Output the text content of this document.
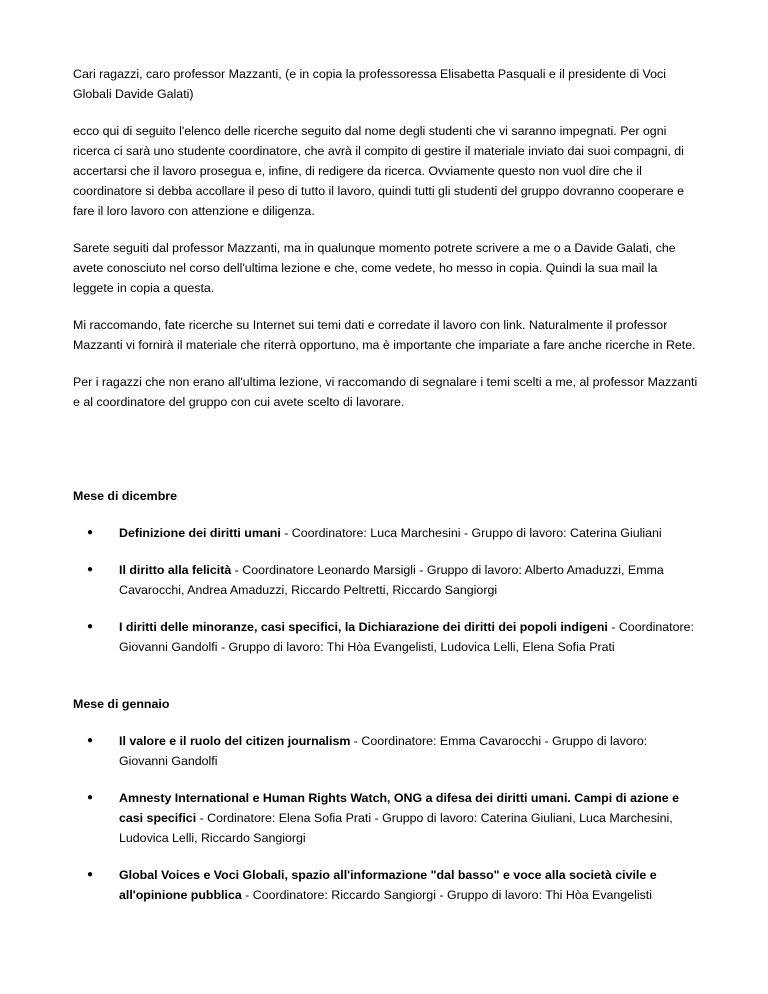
Cari ragazzi, caro professor Mazzanti, (e in copia la professoressa Elisabetta Pasquali e il presidente di Voci Globali Davide Galati)

ecco qui di seguito l'elenco delle ricerche seguito dal nome degli studenti che vi saranno impegnati. Per ogni ricerca ci sarà uno studente coordinatore, che avrà il compito di gestire il materiale inviato dai suoi compagni, di accertarsi che il lavoro prosegua e, infine, di redigere da ricerca. Ovviamente questo non vuol dire che il coordinatore si debba accollare il peso di tutto il lavoro, quindi tutti gli studenti del gruppo dovranno cooperare e fare il loro lavoro con attenzione e diligenza.

Sarete seguiti dal professor Mazzanti, ma in qualunque momento potrete scrivere a me o a Davide Galati, che avete conosciuto nel corso dell'ultima lezione e che, come vedete, ho messo in copia. Quindi la sua mail la leggete in copia a questa.

Mi raccomando, fate ricerche su Internet sui temi dati e corredate il lavoro con link. Naturalmente il professor Mazzanti vi fornirà il materiale che riterrà opportuno, ma è importante che impariate a fare anche ricerche in Rete.

Per i ragazzi che non erano all'ultima lezione, vi raccomando di segnalare i temi scelti a me, al professor Mazzanti e al coordinatore del gruppo con cui avete scelto di lavorare.

Mese di dicembre

● Definizione dei diritti umani - Coordinatore: Luca Marchesini - Gruppo di lavoro: Caterina Giuliani
● Il diritto alla felicità - Coordinatore Leonardo Marsigli - Gruppo di lavoro: Alberto Amaduzzi, Emma Cavarocchi, Andrea Amaduzzi, Riccardo Peltretti, Riccardo Sangiorgi
● I diritti delle minoranze, casi specifici, la Dichiarazione dei diritti dei popoli indigeni - Coordinatore: Giovanni Gandolfi - Gruppo di lavoro: Thi Hòa Evangelisti, Ludovica Lelli, Elena Sofia Prati

Mese di gennaio

● Il valore e il ruolo del citizen journalism - Coordinatore: Emma Cavarocchi - Gruppo di lavoro: Giovanni Gandolfi
● Amnesty International e Human Rights Watch, ONG a difesa dei diritti umani. Campi di azione e casi specifici - Cordinatore: Elena Sofia Prati - Gruppo di lavoro: Caterina Giuliani, Luca Marchesini, Ludovica Lelli, Riccardo Sangiorgi
● Global Voices e Voci Globali, spazio all'informazione "dal basso" e voce alla società civile e all'opinione pubblica - Coordinatore: Riccardo Sangiorgi - Gruppo di lavoro: Thi Hòa Evangelisti
